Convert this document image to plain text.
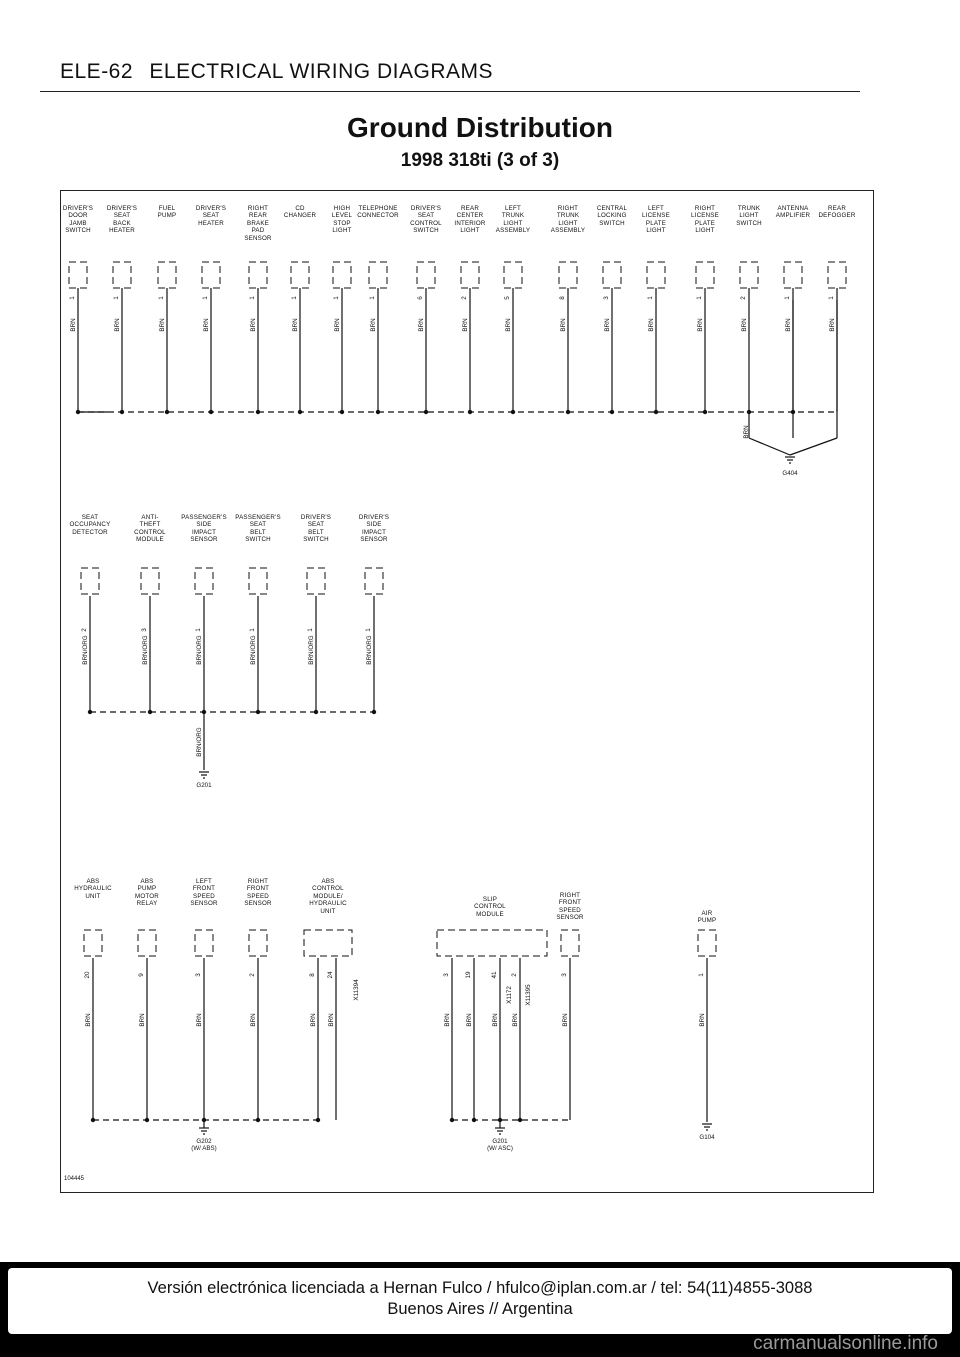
ELE-62 ELECTRICAL WIRING DIAGRAMS
Ground Distribution
1998 318ti (3 of 3)
1
BRN
1
BRN
1
BRN
1
BRN
1
BRN
1
BRN
1
BRN
1
BRN
6
BRN
2
BRN
5
BRN
8
BRN
3
BRN
1
BRN
1
BRN
2
BRN
1
BRN
1
BRN
BRN
2
BRN/ORG
3
BRN/ORG
1
BRN/ORG
1
BRN/ORG
1
BRN/ORG
1
BRN/ORG
BRN/ORG
20
BRN
9
BRN
3
BRN
2
BRN
8
BRN
24
BRN
X11394
3
BRN
19
BRN
41
BRN
2
BRN
X1172 X11395
3
BRN
1
BRN
DRIVER'S
DOOR
JAMB
SWITCH
DRIVER'S
SEAT
BACK
HEATER
FUEL
PUMP
DRIVER'S
SEAT
HEATER
RIGHT
REAR
BRAKE
PAD
SENSOR
CD
CHANGER
HIGH
LEVEL
STOP
LIGHT
TELEPHONE
CONNECTOR
DRIVER'S
SEAT
CONTROL
SWITCH
REAR
CENTER
INTERIOR
LIGHT
LEFT
TRUNK
LIGHT
ASSEMBLY
RIGHT
TRUNK
LIGHT
ASSEMBLY
CENTRAL
LOCKING
SWITCH
LEFT
LICENSE
PLATE
LIGHT
RIGHT
LICENSE
PLATE
LIGHT
TRUNK
LIGHT
SWITCH
ANTENNA
AMPLIFIER
REAR
DEFOGGER
G404
SEAT
OCCUPANCY
DETECTOR
ANTI-
THEFT
CONTROL
MODULE
PASSENGER'S
SIDE
IMPACT
SENSOR
PASSENGER'S
SEAT
BELT
SWITCH
DRIVER'S
SEAT
BELT
SWITCH
DRIVER'S
SIDE
IMPACT
SENSOR
G201
ABS
HYDRAULIC
UNIT
ABS
PUMP
MOTOR
RELAY
LEFT
FRONT
SPEED
SENSOR
RIGHT
FRONT
SPEED
SENSOR
ABS
CONTROL
MODULE/
HYDRAULIC
UNIT
G202
(W/ ABS)
SLIP
CONTROL
MODULE
RIGHT
FRONT
SPEED
SENSOR
G201
(W/ ASC)
AIR
PUMP
G104
104445
Versión electrónica licenciada a Hernan Fulco / hfulco@iplan.com.ar / tel: 54(11)4855-3088
Buenos Aires // Argentina
carmanualsonline.info
